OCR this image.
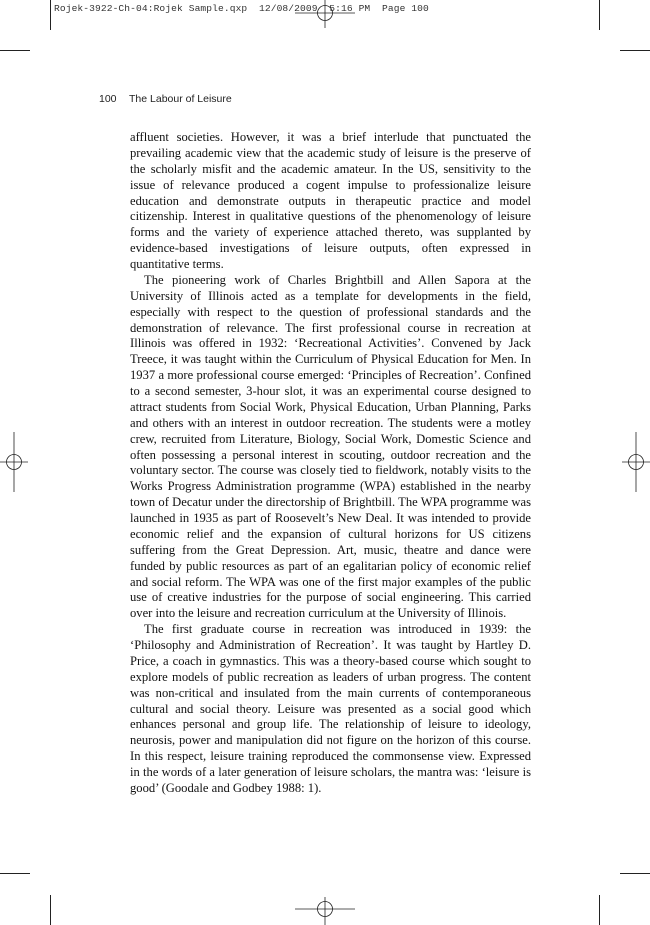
Rojek-3922-Ch-04:Rojek Sample.qxp  12/08/2009  5:16 PM  Page 100
100 The Labour of Leisure

affluent societies. However, it was a brief interlude that punctuated the prevailing academic view that the academic study of leisure is the preserve of the scholarly misfit and the academic amateur. In the US, sensitivity to the issue of relevance produced a cogent impulse to professionalize leisure education and demonstrate outputs in therapeutic practice and model citizenship. Interest in qualitative questions of the phenomenology of leisure forms and the variety of experience attached thereto, was supplanted by evidence-based investigations of leisure outputs, often expressed in quantitative terms.

The pioneering work of Charles Brightbill and Allen Sapora at the University of Illinois acted as a template for developments in the field, especially with respect to the question of professional standards and the demonstration of relevance. The first professional course in recreation at Illinois was offered in 1932: ‘Recreational Activities’. Convened by Jack Treece, it was taught within the Curriculum of Physical Education for Men. In 1937 a more professional course emerged: ‘Principles of Recreation’. Confined to a second semester, 3-hour slot, it was an experimental course designed to attract students from Social Work, Physical Education, Urban Planning, Parks and others with an interest in outdoor recreation. The students were a motley crew, recruited from Literature, Biology, Social Work, Domestic Science and often possessing a personal interest in scouting, outdoor recreation and the voluntary sector. The course was closely tied to fieldwork, notably visits to the Works Progress Administration programme (WPA) established in the nearby town of Decatur under the directorship of Brightbill. The WPA programme was launched in 1935 as part of Roosevelt’s New Deal. It was intended to provide economic relief and the expansion of cultural horizons for US citizens suffering from the Great Depression. Art, music, theatre and dance were funded by public resources as part of an egalitarian policy of economic relief and social reform. The WPA was one of the first major examples of the public use of creative industries for the purpose of social engineering. This carried over into the leisure and recreation curriculum at the University of Illinois.

The first graduate course in recreation was introduced in 1939: the ‘Philosophy and Administration of Recreation’. It was taught by Hartley D. Price, a coach in gymnastics. This was a theory-based course which sought to explore models of public recreation as leaders of urban progress. The content was non-critical and insulated from the main currents of contemporaneous cultural and social theory. Leisure was presented as a social good which enhances personal and group life. The relationship of leisure to ideology, neurosis, power and manipulation did not figure on the horizon of this course. In this respect, leisure training reproduced the commonsense view. Expressed in the words of a later generation of leisure scholars, the mantra was: ‘leisure is good’ (Goodale and Godbey 1988: 1).
